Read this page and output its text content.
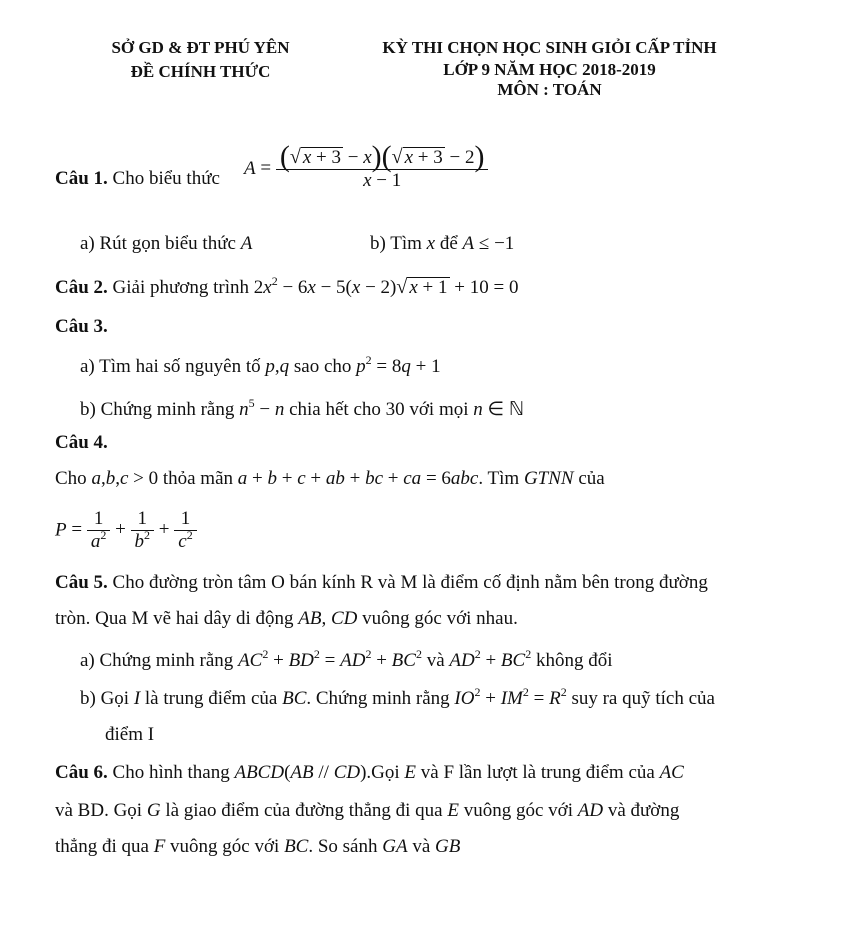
SỞ GD & ĐT PHÚ YÊN
ĐỀ CHÍNH THỨC
KỲ THI CHỌN HỌC SINH GIỎI CẤP TỈNH
LỚP 9 NĂM HỌC 2018-2019
MÔN : TOÁN
Câu 1. Cho biểu thức $A = \frac{(√ x + 3 - x)(√ x + 3 - 2)}{x - 1}$
a) Rút gọn biểu thức A	b) Tìm x để A ≤ −1
Câu 2. Giải phương trình $2x^2 - 6x - 5(x - 2)√$ x + 1 + 10 = 0
Câu 3.
a) Tìm hai số nguyên tố p,q sao cho $p^2 = 8q + 1$
b) Chứng minh rằng $n^5 - n$ chia hết cho 30 với mọi n ∈ ℕ
Câu 4.
Cho a,b,c > 0 thỏa mãn a + b + c + ab + bc + ca = 6abc. Tìm GTNN của
$P = \frac{1}{a^2} + \frac{1}{b^2} + \frac{1}{c^2}$
Câu 5. Cho đường tròn tâm O bán kính R và M là điểm cố định nằm bên trong đường
tròn. Qua M vẽ hai dây di động AB, CD vuông góc với nhau.
a) Chứng minh rằng $AC^2 + BD^2 = AD^2 + BC^2$ và $AD^2 + BC^2$ không đổi
b) Gọi I là trung điểm của BC. Chứng minh rằng $IO^2 + IM^2 = R^2$ suy ra quỹ tích của
điểm I
Câu 6. Cho hình thang ABCD(AB // CD).Gọi E và F lần lượt là trung điểm của AC
và BD. Gọi G là giao điểm của đường thẳng đi qua E vuông góc với AD và đường
thẳng đi qua F vuông góc với BC. So sánh GA và GB
